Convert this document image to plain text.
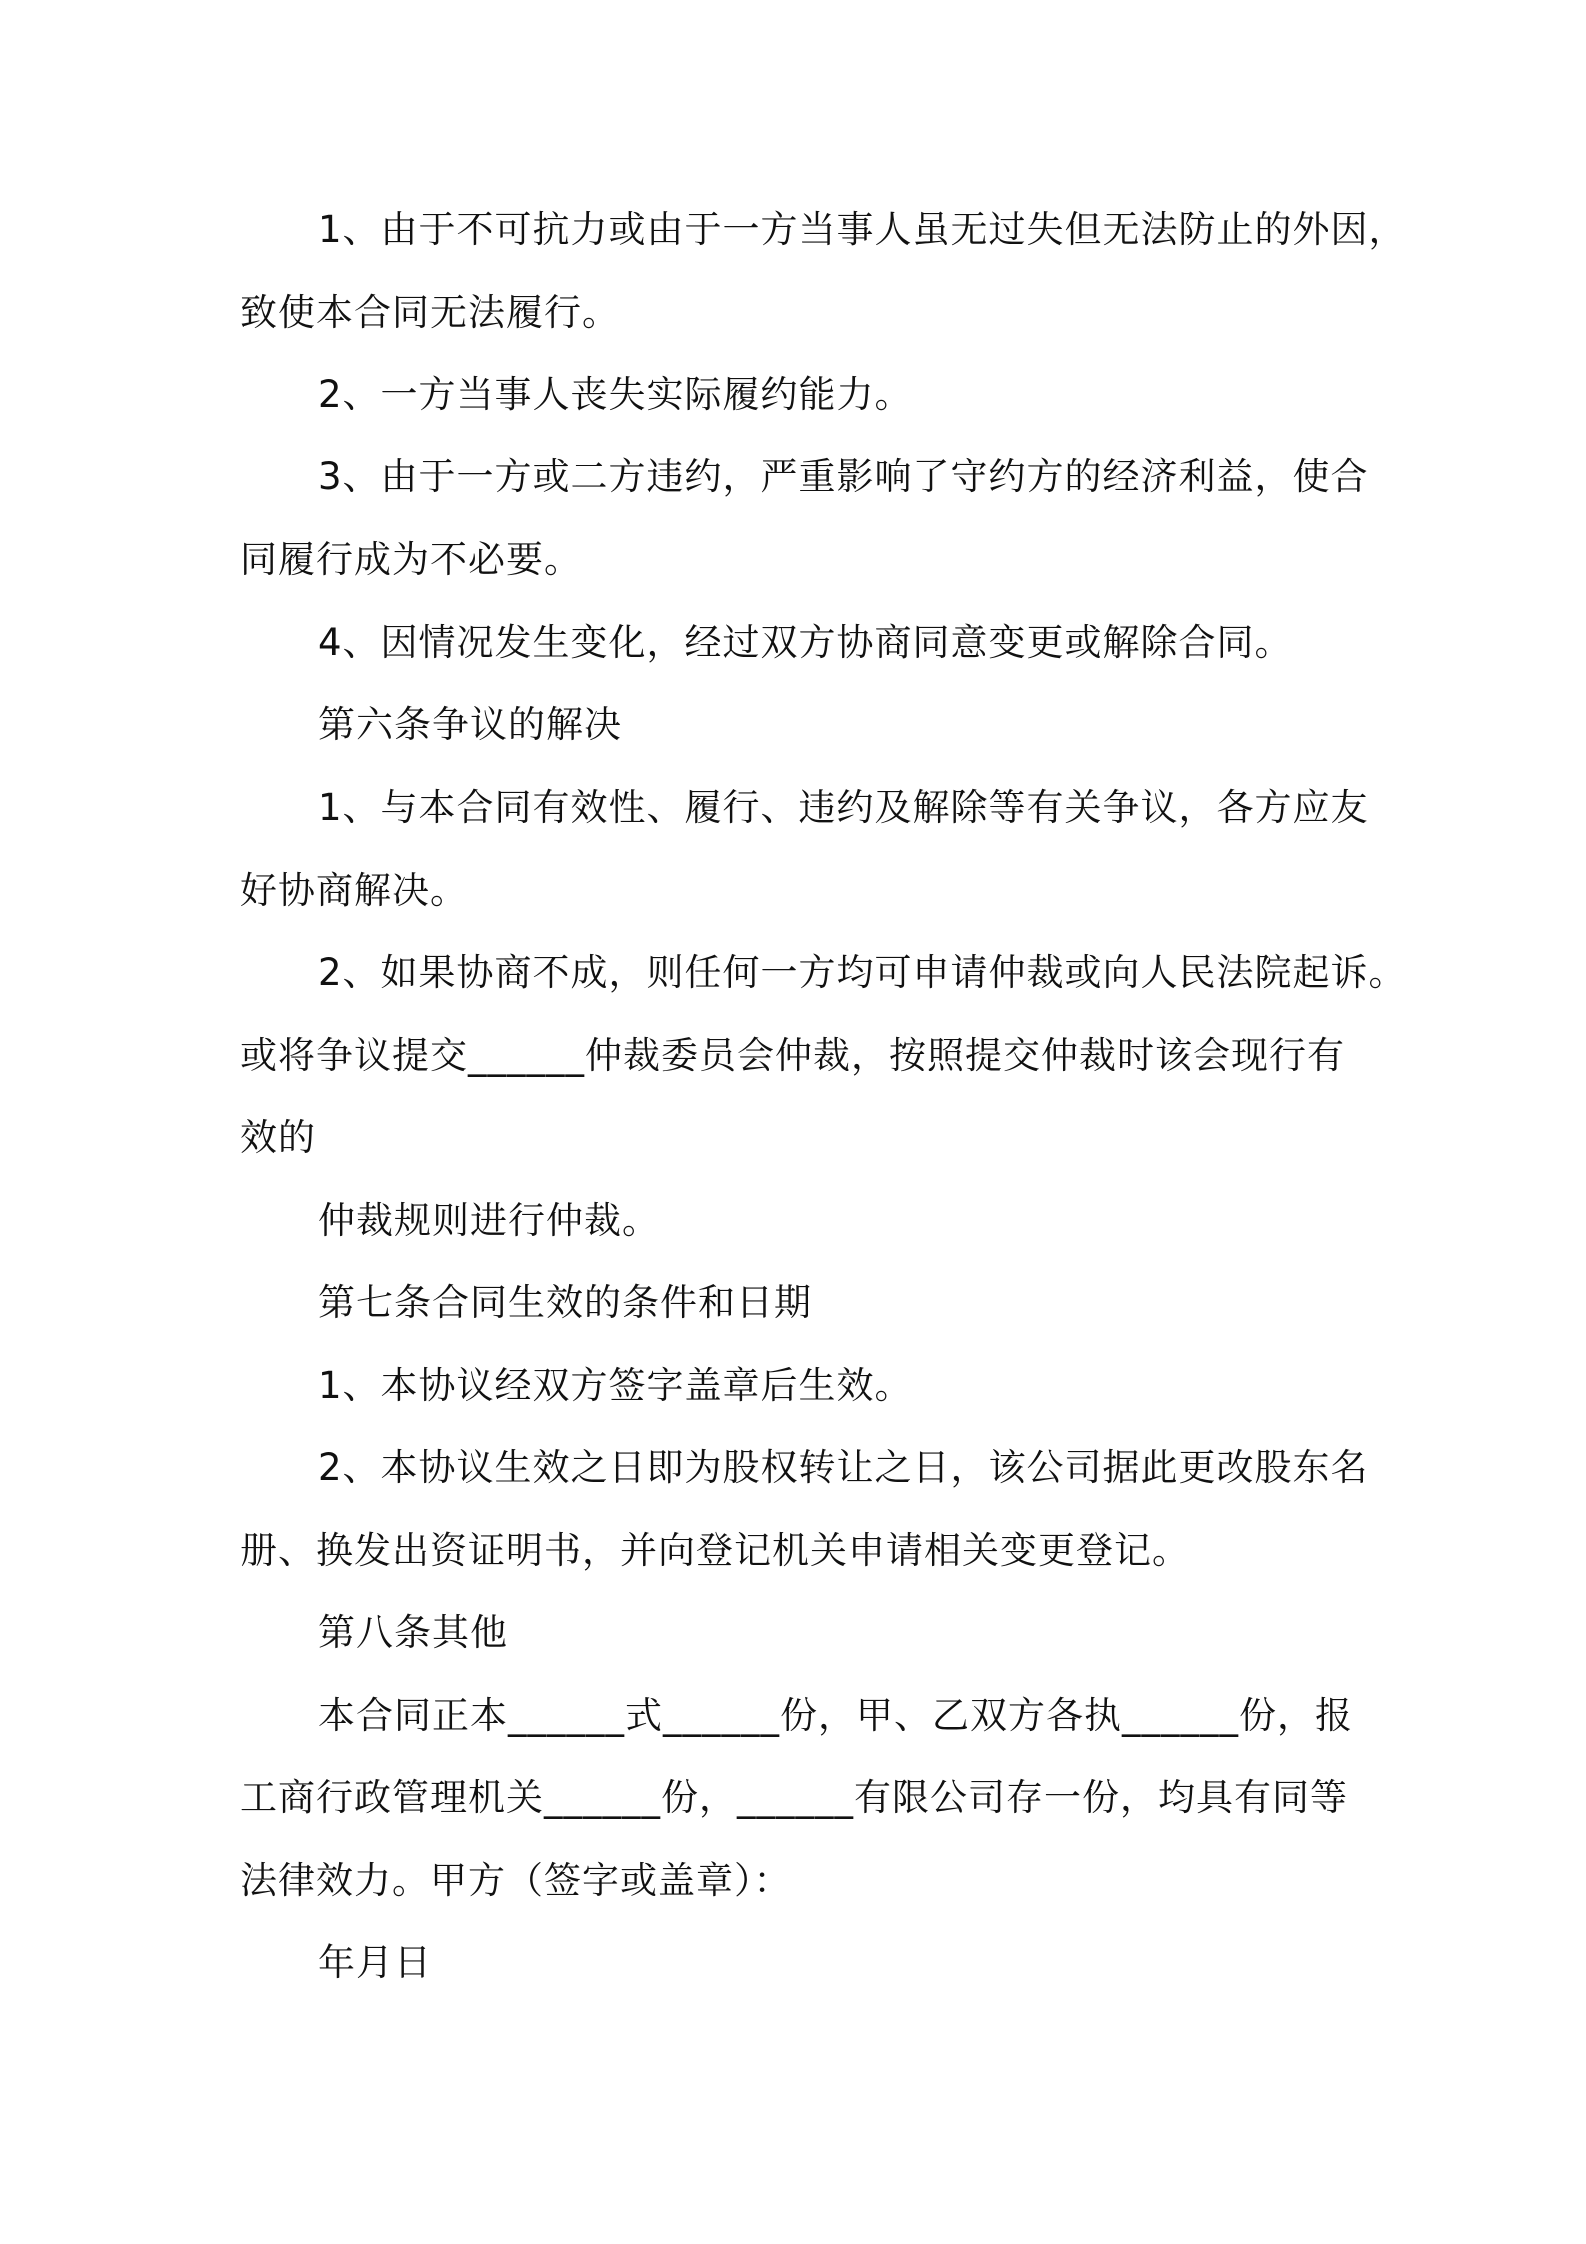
1、由于不可抗力或由于一方当事人虽无过失但无法防止的外因，
致使本合同无法履行。
2、一方当事人丧失实际履约能力。
3、由于一方或二方违约，严重影响了守约方的经济利益，使合
同履行成为不必要。
4、因情况发生变化，经过双方协商同意变更或解除合同。
第六条争议的解决
1、与本合同有效性、履行、违约及解除等有关争议，各方应友
好协商解决。
2、如果协商不成，则任何一方均可申请仲裁或向人民法院起诉。
或将争议提交______仲裁委员会仲裁，按照提交仲裁时该会现行有
效的
仲裁规则进行仲裁。
第七条合同生效的条件和日期
1、本协议经双方签字盖章后生效。
2、本协议生效之日即为股权转让之日，该公司据此更改股东名
册、换发出资证明书，并向登记机关申请相关变更登记。
第八条其他
本合同正本______式______份，甲、乙双方各执______份，报
工商行政管理机关______份，______有限公司存一份，均具有同等
法律效力。甲方（签字或盖章）：
年月日
